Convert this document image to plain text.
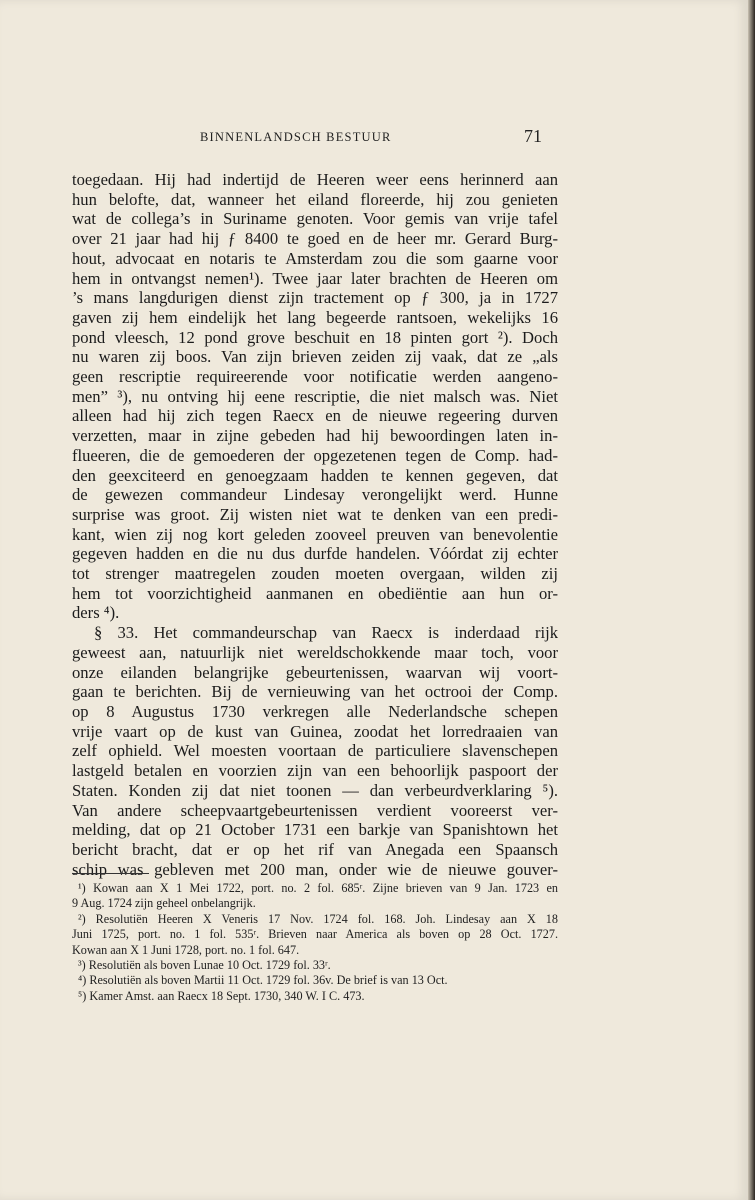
BINNENLANDSCH BESTUUR	71
toegedaan. Hij had indertijd de Heeren weer eens herinnerd aan
hun belofte, dat, wanneer het eiland floreerde, hij zou genieten
wat de collega’s in Suriname genoten. Voor gemis van vrije tafel
over 21 jaar had hij ƒ 8400 te goed en de heer mr. Gerard Burg-
hout, advocaat en notaris te Amsterdam zou die som gaarne voor
hem in ontvangst nemen¹). Twee jaar later brachten de Heeren om
’s mans langdurigen dienst zijn tractement op ƒ 300, ja in 1727
gaven zij hem eindelijk het lang begeerde rantsoen, wekelijks 16
pond vleesch, 12 pond grove beschuit en 18 pinten gort ²). Doch
nu waren zij boos. Van zijn brieven zeiden zij vaak, dat ze „als
geen rescriptie requireerende voor notificatie werden aangeno-
men” ³), nu ontving hij eene rescriptie, die niet malsch was. Niet
alleen had hij zich tegen Raecx en de nieuwe regeering durven
verzetten, maar in zijne gebeden had hij bewoordingen laten in-
flueeren, die de gemoederen der opgezetenen tegen de Comp. had-
den geexciteerd en genoegzaam hadden te kennen gegeven, dat
de gewezen commandeur Lindesay verongelijkt werd. Hunne
surprise was groot. Zij wisten niet wat te denken van een predi-
kant, wien zij nog kort geleden zooveel preuven van benevolentie
gegeven hadden en die nu dus durfde handelen. Vóórdat zij echter
tot strenger maatregelen zouden moeten overgaan, wilden zij
hem tot voorzichtigheid aanmanen en obediëntie aan hun or-
ders ⁴).
§ 33. Het commandeurschap van Raecx is inderdaad rijk
geweest aan, natuurlijk niet wereldschokkende maar toch, voor
onze eilanden belangrijke gebeurtenissen, waarvan wij voort-
gaan te berichten. Bij de vernieuwing van het octrooi der Comp.
op 8 Augustus 1730 verkregen alle Nederlandsche schepen
vrije vaart op de kust van Guinea, zoodat het lorredraaien van
zelf ophield. Wel moesten voortaan de particuliere slavenschepen
lastgeld betalen en voorzien zijn van een behoorlijk paspoort der
Staten. Konden zij dat niet toonen — dan verbeurdverklaring ⁵).
Van andere scheepvaartgebeurtenissen verdient vooreerst ver-
melding, dat op 21 October 1731 een barkje van Spanishtown het
bericht bracht, dat er op het rif van Anegada een Spaansch
schip was gebleven met 200 man, onder wie de nieuwe gouver-
¹) Kowan aan X 1 Mei 1722, port. no. 2 fol. 685ʳ. Zijne brieven van 9 Jan. 1723 en
9 Aug. 1724 zijn geheel onbelangrijk.
²) Resolutiën Heeren X Veneris 17 Nov. 1724 fol. 168. Joh. Lindesay aan X 18
Juni 1725, port. no. 1 fol. 535ʳ. Brieven naar America als boven op 28 Oct. 1727.
Kowan aan X 1 Juni 1728, port. no. 1 fol. 647.
³) Resolutiën als boven Lunae 10 Oct. 1729 fol. 33ʳ.
⁴) Resolutiën als boven Martii 11 Oct. 1729 fol. 36v. De brief is van 13 Oct.
⁵) Kamer Amst. aan Raecx 18 Sept. 1730, 340 W. I C. 473.
